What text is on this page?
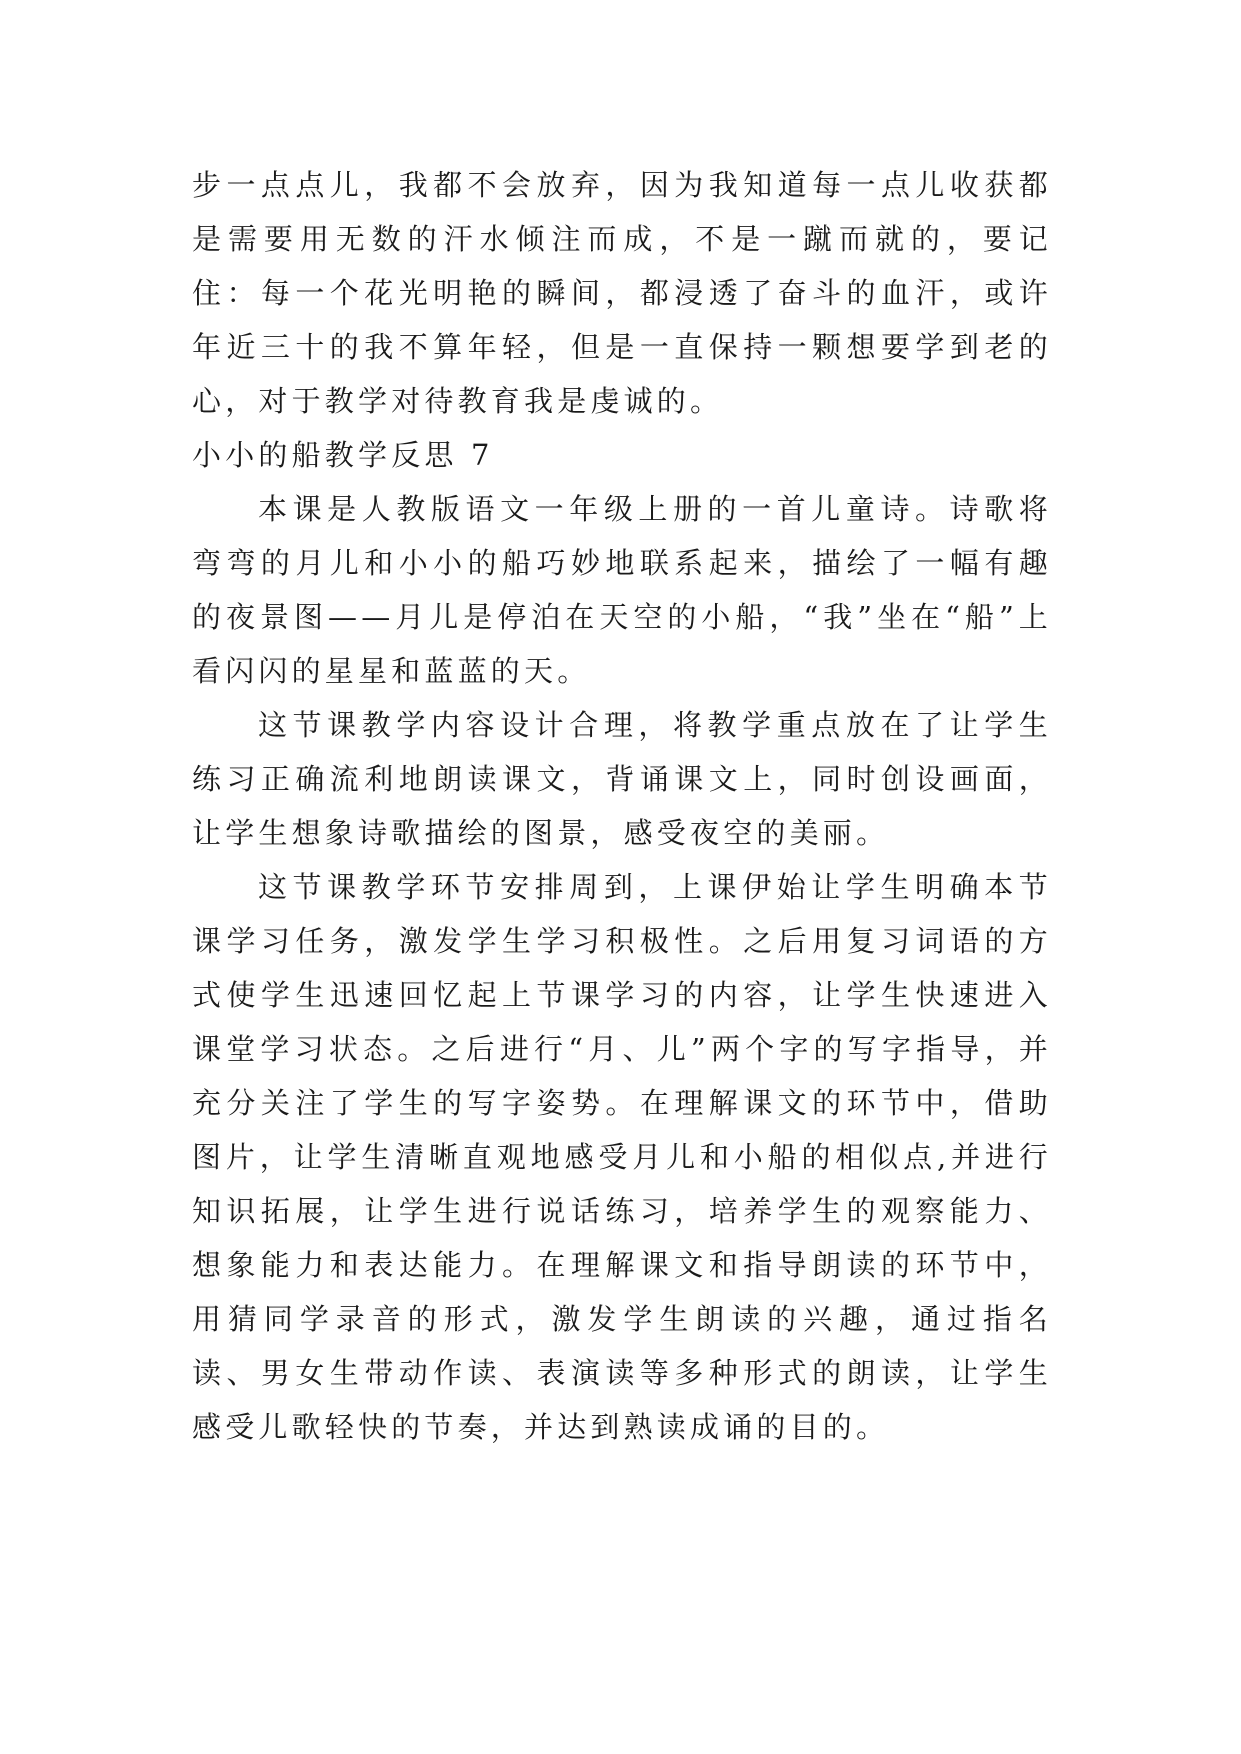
步一点点儿，我都不会放弃，因为我知道每一点儿收获都是需要用无数的汗水倾注而成，不是一蹴而就的，要记住：每一个花光明艳的瞬间，都浸透了奋斗的血汗，或许年近三十的我不算年轻，但是一直保持一颗想要学到老的心，对于教学对待教育我是虔诚的。

小小的船教学反思 7

本课是人教版语文一年级上册的一首儿童诗。诗歌将弯弯的月儿和小小的船巧妙地联系起来，描绘了一幅有趣的夜景图——月儿是停泊在天空的小船，“我”坐在“船”上看闪闪的星星和蓝蓝的天。

这节课教学内容设计合理，将教学重点放在了让学生练习正确流利地朗读课文，背诵课文上，同时创设画面，让学生想象诗歌描绘的图景，感受夜空的美丽。

这节课教学环节安排周到，上课伊始让学生明确本节课学习任务，激发学生学习积极性。之后用复习词语的方式使学生迅速回忆起上节课学习的内容，让学生快速进入课堂学习状态。之后进行“月、儿”两个字的写字指导，并充分关注了学生的写字姿势。在理解课文的环节中，借助图片，让学生清晰直观地感受月儿和小船的相似点,并进行知识拓展，让学生进行说话练习，培养学生的观察能力、想象能力和表达能力。在理解课文和指导朗读的环节中，用猜同学录音的形式，激发学生朗读的兴趣，通过指名读、男女生带动作读、表演读等多种形式的朗读，让学生感受儿歌轻快的节奏，并达到熟读成诵的目的。
